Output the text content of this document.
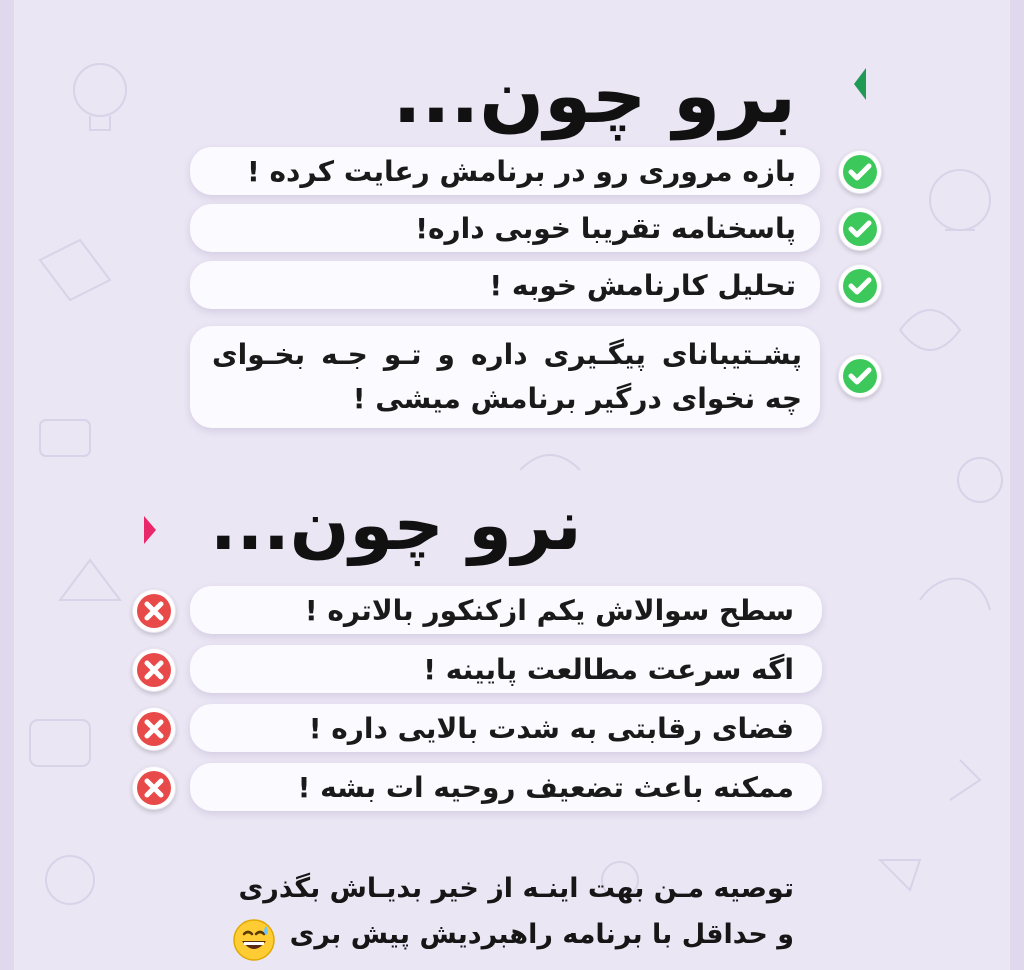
برو چون...
بازه مروری رو در برنامش رعایت کرده !
پاسخنامه تقریبا خوبی داره!
تحلیل کارنامش خوبه !
پشـتیبانای پیگـیری داره و تـو جـه بخـوای چه نخوای درگیر برنامش میشی !
نرو چون...
سطح سوالاش یکم ازکنکور بالاتره !
اگه سرعت مطالعت پایینه !
فضای رقابتی به شدت بالایی داره !
ممکنه باعث تضعیف روحیه ات بشه !
توصیه مـن بهت اینـه از خیر بدیـاش بگذری
و حداقل با برنامه راهبردیش پیش بری
